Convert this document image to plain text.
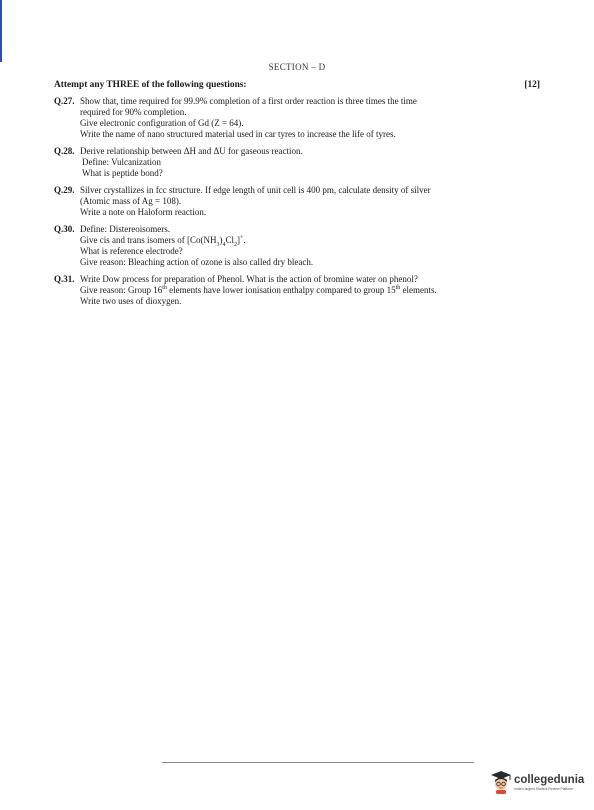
SECTION – D
Attempt any THREE of the following questions:	[12]
Q.27. Show that, time required for 99.9% completion of a first order reaction is three times the time
required for 90% completion.
Give electronic configuration of Gd (Z = 64).
Write the name of nano structured material used in car tyres to increase the life of tyres.
Q.28. Derive relationship between ΔH and ΔU for gaseous reaction.
Define: Vulcanization
What is peptide bond?
Q.29. Silver crystallizes in fcc structure. If edge length of unit cell is 400 pm, calculate density of silver
(Atomic mass of Ag = 108).
Write a note on Haloform reaction.
Q.30. Define: Distereoisomers.
Give cis and trans isomers of $[Co(NH_3)_4Cl_2]^+$.
What is reference electrode?
Give reason: Bleaching action of ozone is also called dry bleach.
Q.31. Write Dow process for preparation of Phenol. What is the action of bromine water on phenol?
Give reason: Group 16th elements have lower ionisation enthalpy compared to group 15th elements.
Write two uses of dioxygen.
collegedunia
India's largest Student Review Platform
